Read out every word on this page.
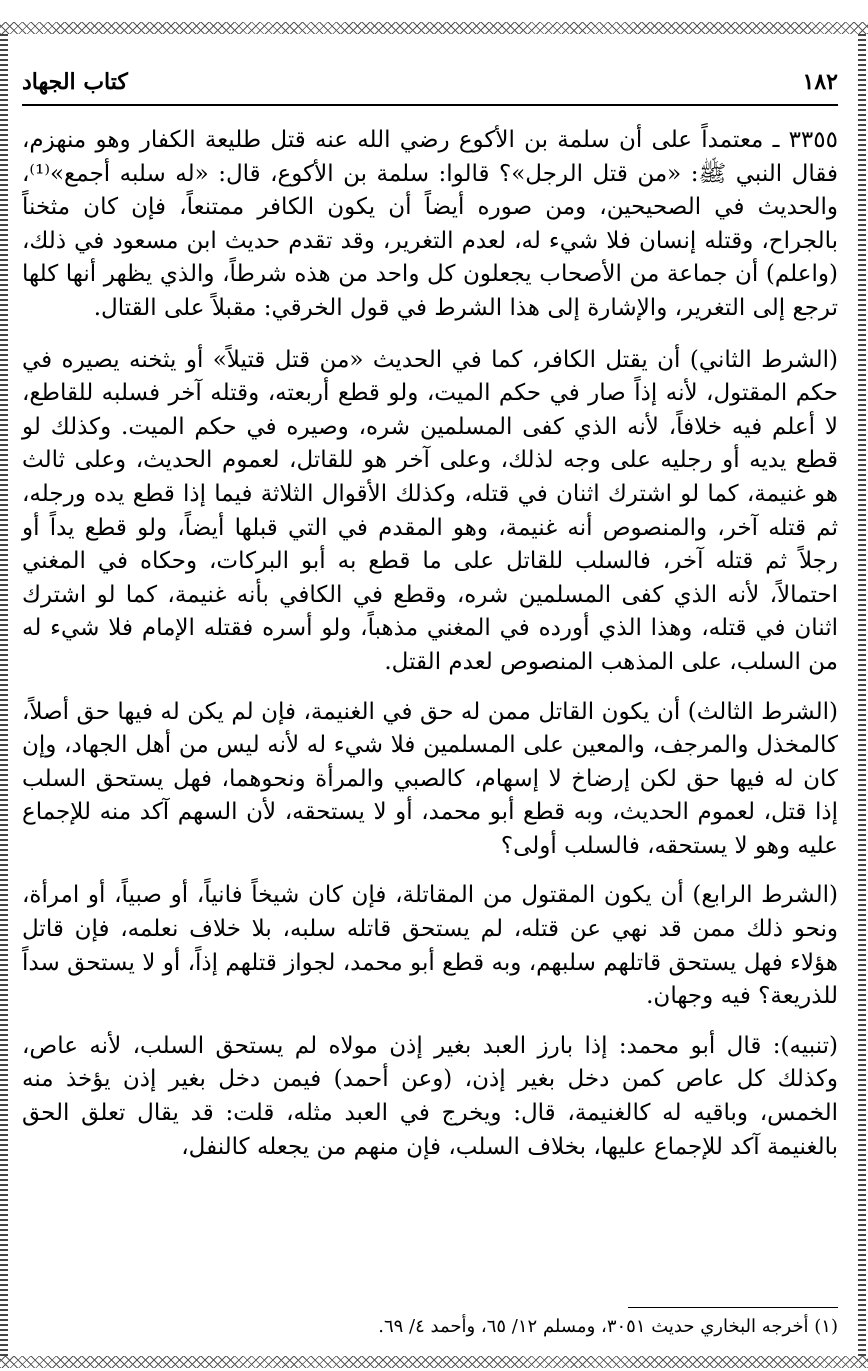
١٨٢
كتاب الجهاد

٣٣٥٥ ـ معتمداً على أن سلمة بن الأكوع رضي الله عنه قتل طليعة الكفار وهو منهزم، فقال النبي ﷺ: «من قتل الرجل»؟ قالوا: سلمة بن الأكوع، قال: «له سلبه أجمع»⁽¹⁾، والحديث في الصحيحين، ومن صوره أيضاً أن يكون الكافر ممتنعاً، فإن كان مثخناً بالجراح، وقتله إنسان فلا شيء له، لعدم التغرير، وقد تقدم حديث ابن مسعود في ذلك، (واعلم) أن جماعة من الأصحاب يجعلون كل واحد من هذه شرطاً، والذي يظهر أنها كلها ترجع إلى التغرير، والإشارة إلى هذا الشرط في قول الخرقي: مقبلاً على القتال.

(الشرط الثاني) أن يقتل الكافر، كما في الحديث «من قتل قتيلاً» أو يثخنه يصيره في حكم المقتول، لأنه إذاً صار في حكم الميت، ولو قطع أربعته، وقتله آخر فسلبه للقاطع، لا أعلم فيه خلافاً، لأنه الذي كفى المسلمين شره، وصيره في حكم الميت. وكذلك لو قطع يديه أو رجليه على وجه لذلك، وعلى آخر هو للقاتل، لعموم الحديث، وعلى ثالث هو غنيمة، كما لو اشترك اثنان في قتله، وكذلك الأقوال الثلاثة فيما إذا قطع يده ورجله، ثم قتله آخر، والمنصوص أنه غنيمة، وهو المقدم في التي قبلها أيضاً، ولو قطع يداً أو رجلاً ثم قتله آخر، فالسلب للقاتل على ما قطع به أبو البركات، وحكاه في المغني احتمالاً، لأنه الذي كفى المسلمين شره، وقطع في الكافي بأنه غنيمة، كما لو اشترك اثنان في قتله، وهذا الذي أورده في المغني مذهباً، ولو أسره فقتله الإمام فلا شيء له من السلب، على المذهب المنصوص لعدم القتل.

(الشرط الثالث) أن يكون القاتل ممن له حق في الغنيمة، فإن لم يكن له فيها حق أصلاً، كالمخذل والمرجف، والمعين على المسلمين فلا شيء له لأنه ليس من أهل الجهاد، وإن كان له فيها حق لكن إرضاخ لا إسهام، كالصبي والمرأة ونحوهما، فهل يستحق السلب إذا قتل، لعموم الحديث، وبه قطع أبو محمد، أو لا يستحقه، لأن السهم آكد منه للإجماع عليه وهو لا يستحقه، فالسلب أولى؟

(الشرط الرابع) أن يكون المقتول من المقاتلة، فإن كان شيخاً فانياً، أو صبياً، أو امرأة، ونحو ذلك ممن قد نهي عن قتله، لم يستحق قاتله سلبه، بلا خلاف نعلمه، فإن قاتل هؤلاء فهل يستحق قاتلهم سلبهم، وبه قطع أبو محمد، لجواز قتلهم إذاً، أو لا يستحق سداً للذريعة؟ فيه وجهان.

(تنبيه): قال أبو محمد: إذا بارز العبد بغير إذن مولاه لم يستحق السلب، لأنه عاص، وكذلك كل عاص كمن دخل بغير إذن، (وعن أحمد) فيمن دخل بغير إذن يؤخذ منه الخمس، وباقيه له كالغنيمة، قال: ويخرج في العبد مثله، قلت: قد يقال تعلق الحق بالغنيمة آكد للإجماع عليها، بخلاف السلب، فإن منهم من يجعله كالنفل،

(١) أخرجه البخاري حديث ٣٠٥١، ومسلم ١٢/ ٦٥، وأحمد ٤/ ٦٩.
